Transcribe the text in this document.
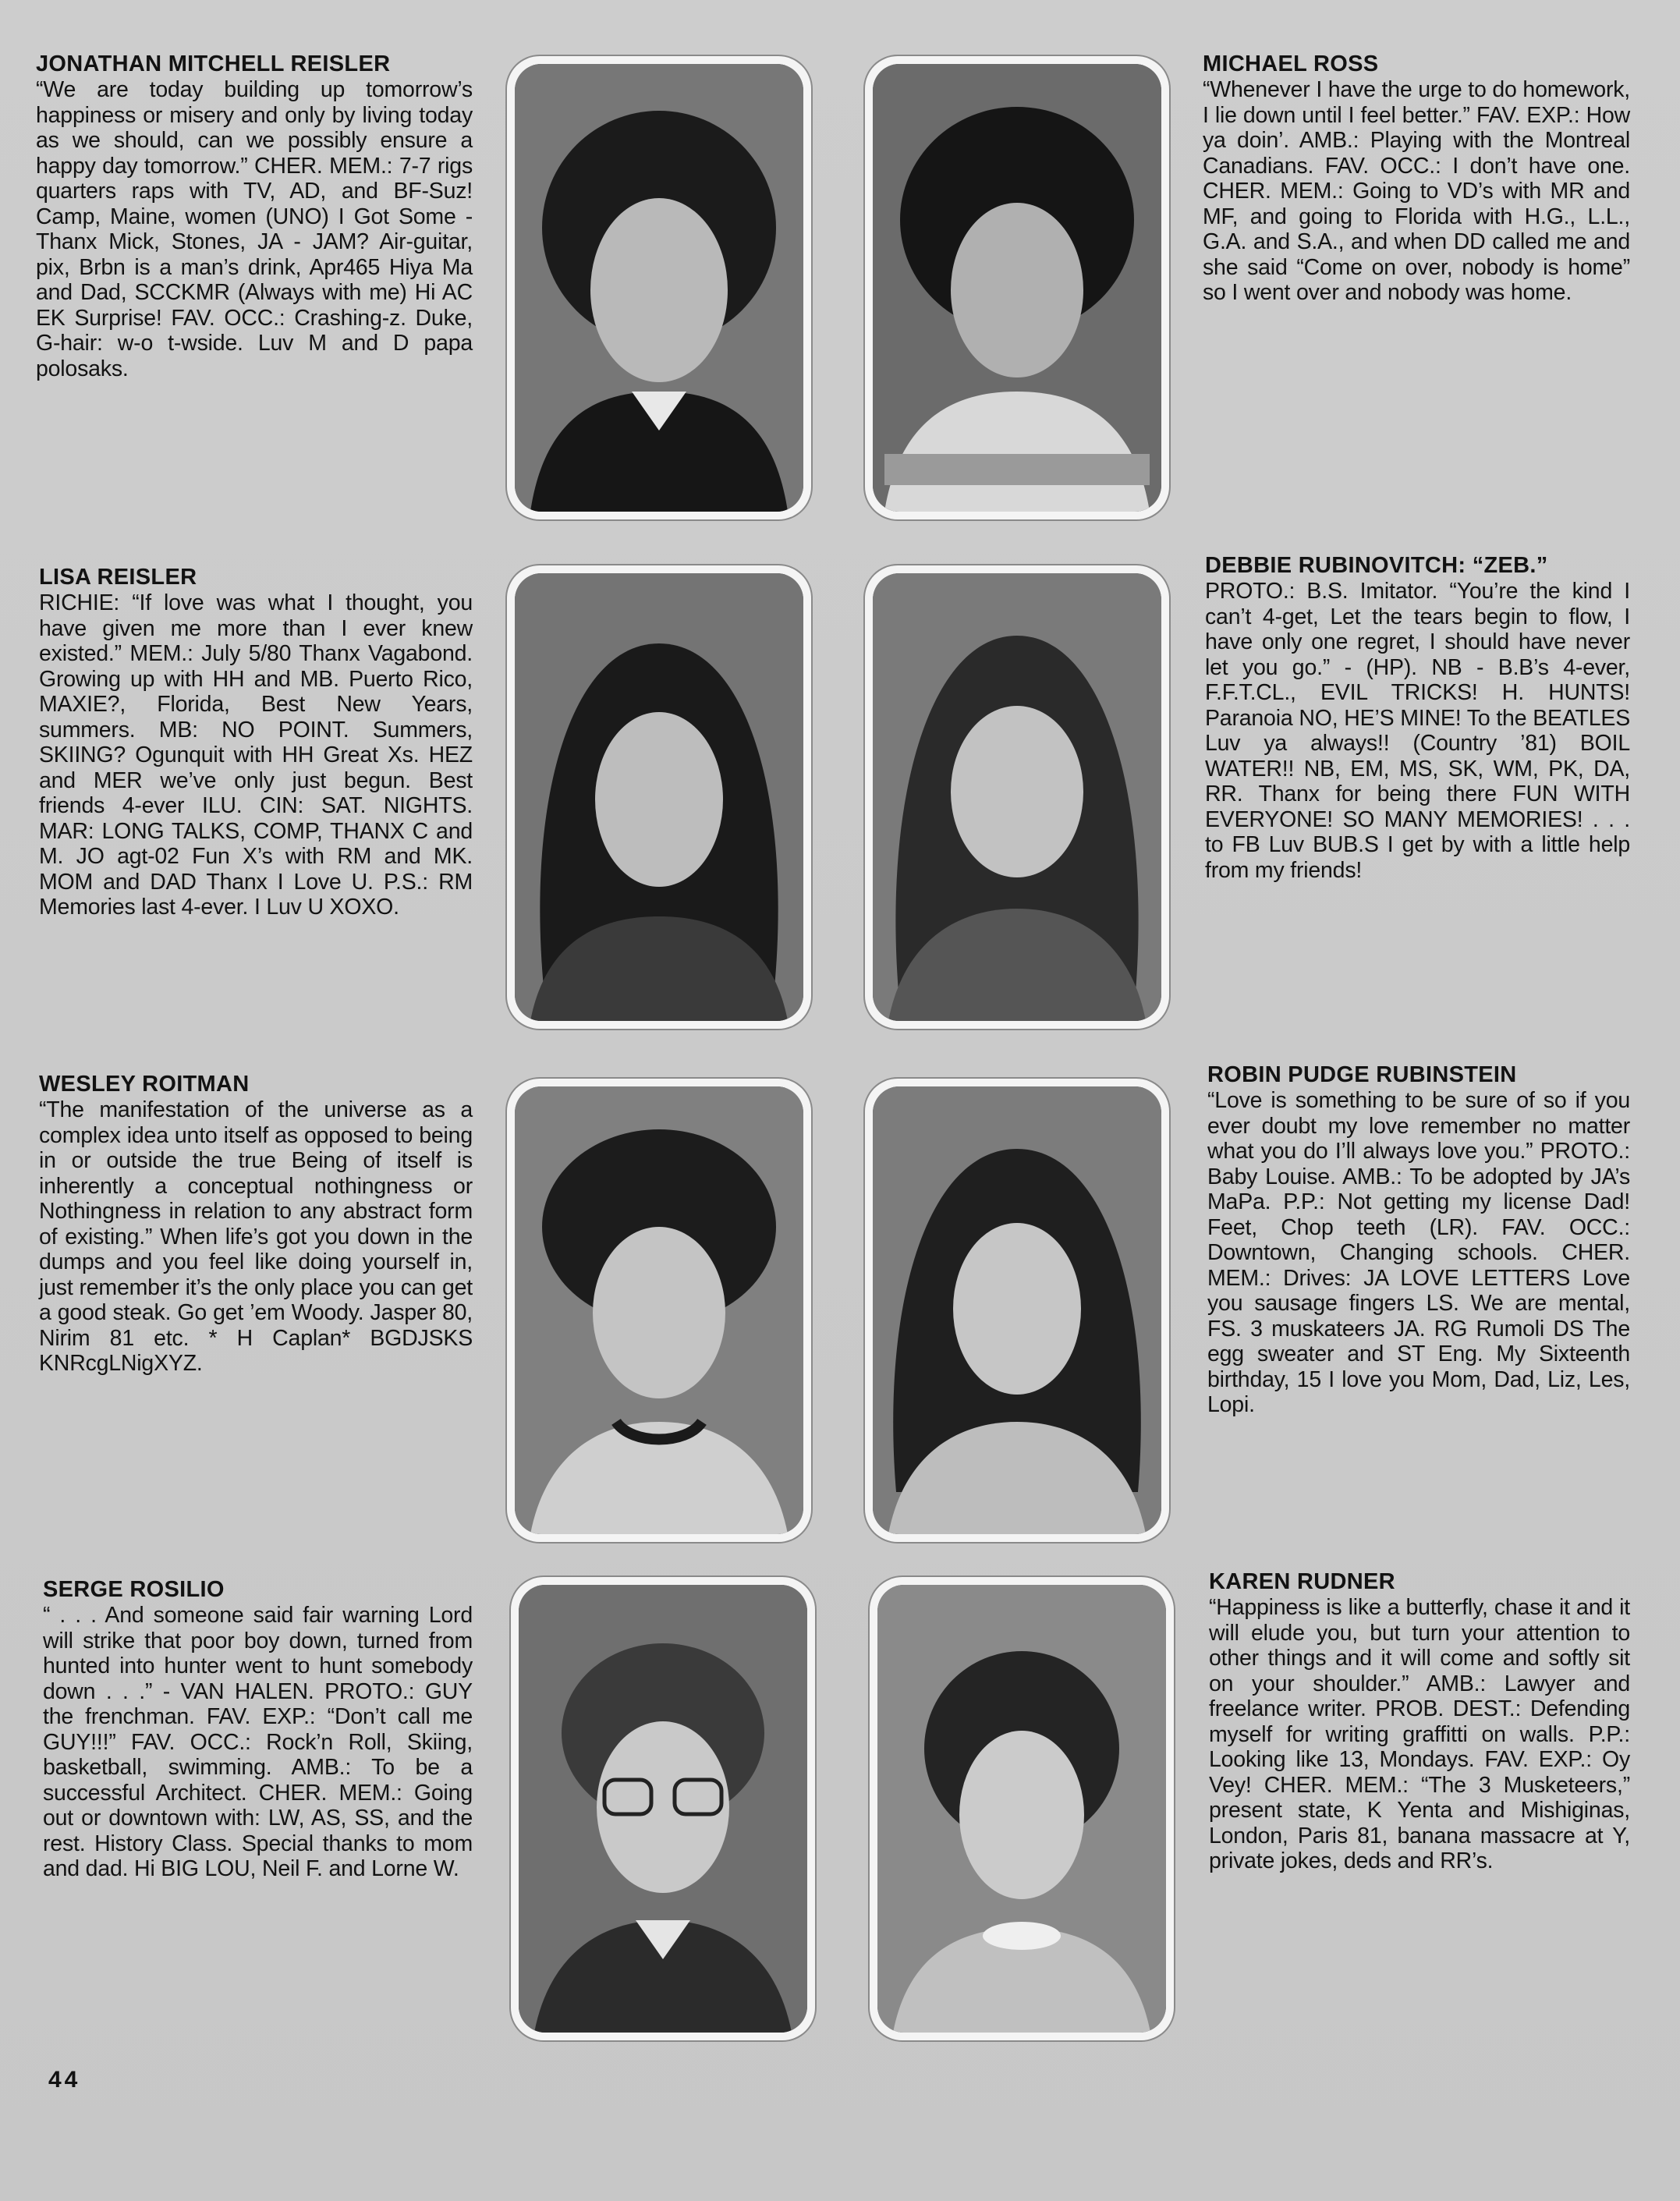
JONATHAN MITCHELL REISLER

“We are today building up tomorrow’s happiness or misery and only by living today as we should, can we possibly ensure a happy day tomorrow.” CHER. MEM.: 7-7 rigs quarters raps with TV, AD, and BF-Suz! Camp, Maine, women (UNO) I Got Some - Thanx Mick, Stones, JA - JAM? Air-guitar, pix, Brbn is a man’s drink, Apr465 Hiya Ma and Dad, SCCKMR (Always with me) Hi AC EK Surprise! FAV. OCC.: Crashing-z. Duke, G-hair: w-o t-wside. Luv M and D papa polosaks.

MICHAEL ROSS

“Whenever I have the urge to do homework, I lie down until I feel better.” FAV. EXP.: How ya doin’. AMB.: Playing with the Montreal Canadians. FAV. OCC.: I don’t have one. CHER. MEM.: Going to VD’s with MR and MF, and going to Florida with H.G., L.L., G.A. and S.A., and when DD called me and she said “Come on over, nobody is home” so I went over and nobody was home.

LISA REISLER

RICHIE: “If love was what I thought, you have given me more than I ever knew existed.” MEM.: July 5/80 Thanx Vagabond. Growing up with HH and MB. Puerto Rico, MAXIE?, Florida, Best New Years, summers. MB: NO POINT. Summers, SKIING? Ogunquit with HH Great Xs. HEZ and MER we’ve only just begun. Best friends 4-ever ILU. CIN: SAT. NIGHTS. MAR: LONG TALKS, COMP, THANX C and M. JO agt-02 Fun X’s with RM and MK. MOM and DAD Thanx I Love U. P.S.: RM Memories last 4-ever. I Luv U XOXO.

DEBBIE RUBINOVITCH: “ZEB.”

PROTO.: B.S. Imitator. “You’re the kind I can’t 4-get, Let the tears begin to flow, I have only one regret, I should have never let you go.” - (HP). NB - B.B’s 4-ever, F.F.T.CL., EVIL TRICKS! H. HUNTS! Paranoia NO, HE’S MINE! To the BEATLES Luv ya always!! (Country ’81) BOIL WATER!! NB, EM, MS, SK, WM, PK, DA, RR. Thanx for being there FUN WITH EVERYONE! SO MANY MEMORIES! . . . to FB Luv BUB.S I get by with a little help from my friends!

WESLEY ROITMAN

“The manifestation of the universe as a complex idea unto itself as opposed to being in or outside the true Being of itself is inherently a conceptual nothingness or Nothingness in relation to any abstract form of existing.” When life’s got you down in the dumps and you feel like doing yourself in, just remember it’s the only place you can get a good steak. Go get ’em Woody. Jasper 80, Nirim 81 etc. * H Caplan* BGDJSKS KNRcgLNigXYZ.

ROBIN PUDGE RUBINSTEIN

“Love is something to be sure of so if you ever doubt my love remember no matter what you do I’ll always love you.” PROTO.: Baby Louise. AMB.: To be adopted by JA’s MaPa. P.P.: Not getting my license Dad! Feet, Chop teeth (LR). FAV. OCC.: Downtown, Changing schools. CHER. MEM.: Drives: JA LOVE LETTERS Love you sausage fingers LS. We are mental, FS. 3 muskateers JA. RG Rumoli DS The egg sweater and ST Eng. My Sixteenth birthday, 15 I love you Mom, Dad, Liz, Les, Lopi.

SERGE ROSILIO

“ . . . And someone said fair warning Lord will strike that poor boy down, turned from hunted into hunter went to hunt somebody down . . .” - VAN HALEN. PROTO.: GUY the frenchman. FAV. EXP.: “Don’t call me GUY!!!” FAV. OCC.: Rock’n Roll, Skiing, basketball, swimming. AMB.: To be a successful Architect. CHER. MEM.: Going out or downtown with: LW, AS, SS, and the rest. History Class. Special thanks to mom and dad. Hi BIG LOU, Neil F. and Lorne W.

KAREN RUDNER

“Happiness is like a butterfly, chase it and it will elude you, but turn your attention to other things and it will come and softly sit on your shoulder.” AMB.: Lawyer and freelance writer. PROB. DEST.: Defending myself for writing graffitti on walls. P.P.: Looking like 13, Mondays. FAV. EXP.: Oy Vey! CHER. MEM.: “The 3 Musketeers,” present state, K Yenta and Mishiginas, London, Paris 81, banana massacre at Y, private jokes, deds and RR’s.

44
